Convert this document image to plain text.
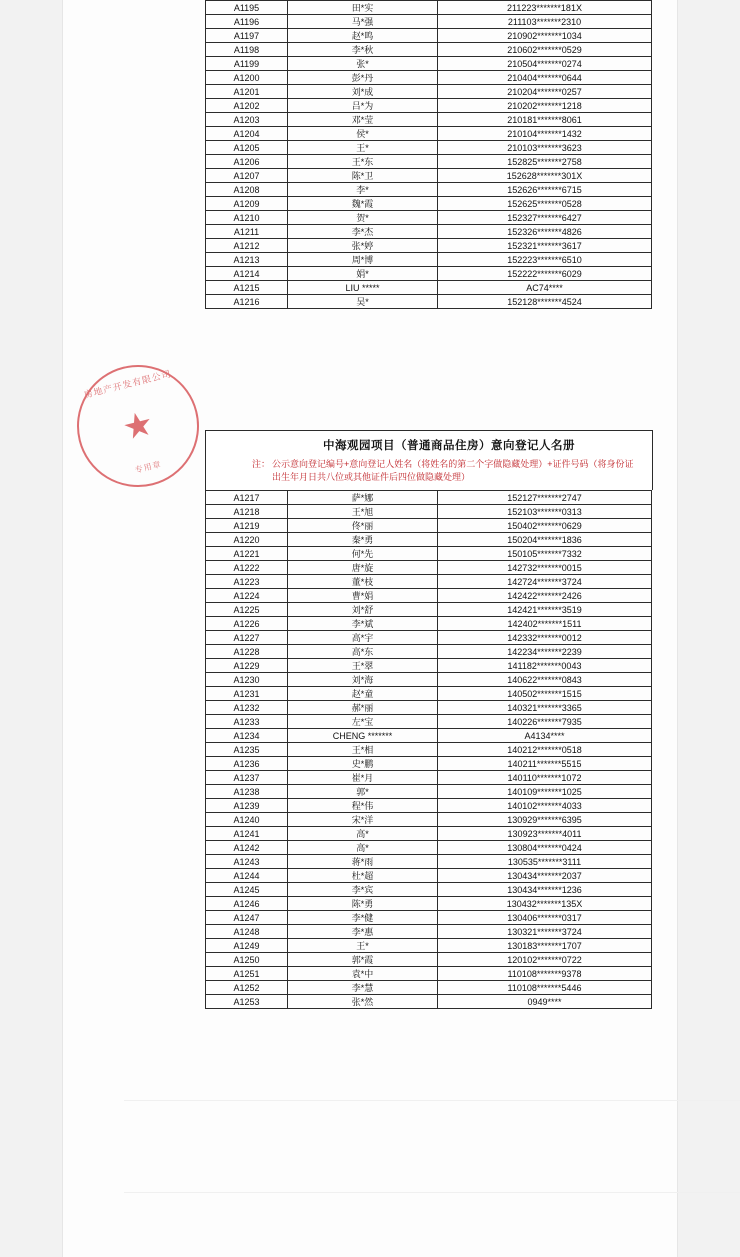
A1195	田*实	211223*******181X
A1196	马*强	211103*******2310
A1197	赵*鸣	210902*******1034
A1198	李*秋	210602*******0529
A1199	张*	210504*******0274
A1200	彭*丹	210404*******0644
A1201	刘*成	210204*******0257
A1202	吕*为	210202*******1218
A1203	邓*莹	210181*******8061
A1204	侯*	210104*******1432
A1205	王*	210103*******3623
A1206	王*东	152825*******2758
A1207	陈*卫	152628*******301X
A1208	李*	152626*******6715
A1209	魏*霞	152625*******0528
A1210	贺*	152327*******6427
A1211	李*杰	152326*******4826
A1212	张*婷	152321*******3617
A1213	周*博	152223*******6510
A1214	娟*	152222*******6029
A1215	LIU *****	AC74****
A1216	吴*	152128*******4524
房地产开发有限公司
★
专用章
中海观园项目（普通商品住房）意向登记人名册
注： 公示意向登记编号+意向登记人姓名（将姓名的第二个字做隐藏处理）+证件号码（将身份证出生年月日共八位或其他证件后四位做隐藏处理）
A1217	萨*娜	152127*******2747
A1218	王*旭	152103*******0313
A1219	佟*丽	150402*******0629
A1220	秦*勇	150204*******1836
A1221	何*先	150105*******7332
A1222	唐*旋	142732*******0015
A1223	董*枝	142724*******3724
A1224	曹*娟	142422*******2426
A1225	刘*舒	142421*******3519
A1226	李*斌	142402*******1511
A1227	高*宇	142332*******0012
A1228	高*东	142234*******2239
A1229	王*翠	141182*******0043
A1230	刘*海	140622*******0843
A1231	赵*童	140502*******1515
A1232	郝*丽	140321*******3365
A1233	左*宝	140226*******7935
A1234	CHENG *******	A4134****
A1235	王*相	140212*******0518
A1236	史*鹏	140211*******5515
A1237	崔*月	140110*******1072
A1238	郭*	140109*******1025
A1239	程*伟	140102*******4033
A1240	宋*洋	130929*******6395
A1241	高*	130923*******4011
A1242	高*	130804*******0424
A1243	蒋*雨	130535*******3111
A1244	杜*超	130434*******2037
A1245	李*宾	130434*******1236
A1246	陈*勇	130432*******135X
A1247	李*健	130406*******0317
A1248	李*惠	130321*******3724
A1249	王*	130183*******1707
A1250	郭*霞	120102*******0722
A1251	袁*中	110108*******9378
A1252	李*慧	110108*******5446
A1253	张*然	0949****
